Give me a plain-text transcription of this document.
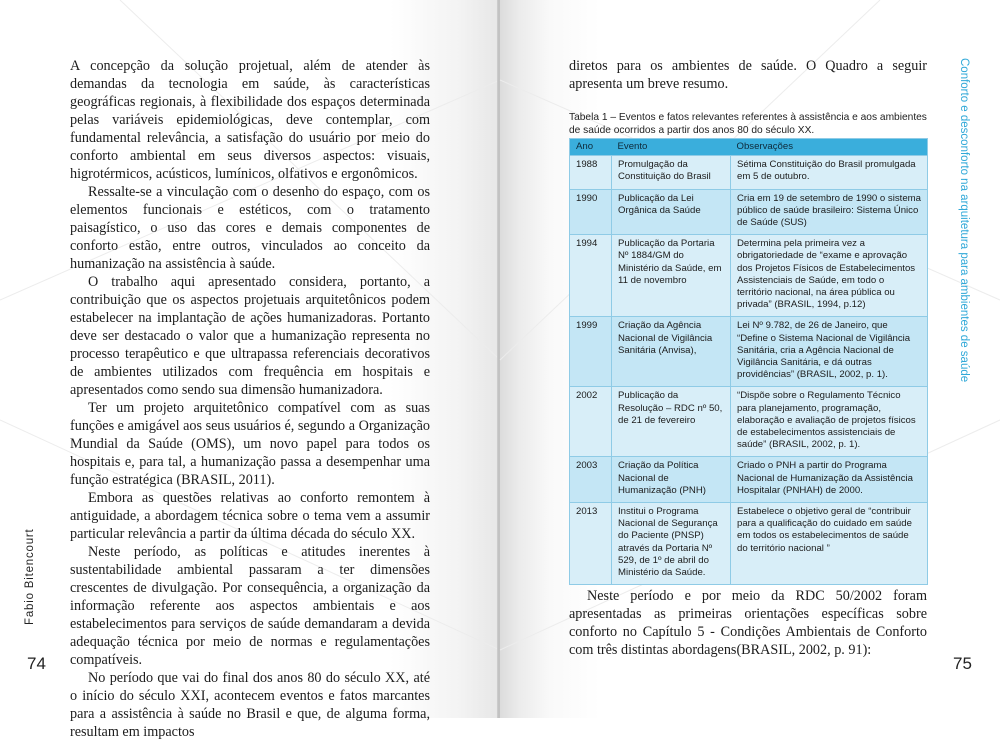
A concepção da solução projetual, além de atender às demandas da tecnologia em saúde, às características geográficas regionais, à flexibilidade dos espaços determinada pelas variáveis epidemiológicas, deve contemplar, com fundamental relevância, a satisfação do usuário por meio do conforto ambiental em seus diversos aspectos: visuais, higrotérmicos, acústicos, lumínicos, olfativos e ergonômicos.

Ressalte-se a vinculação com o desenho do espaço, com os elementos funcionais e estéticos, com o tratamento paisagístico, o uso das cores e demais componentes de conforto estão, entre outros, vinculados ao conceito da humanização na assistência à saúde.

O trabalho aqui apresentado considera, portanto, a contribuição que os aspectos projetuais arquitetônicos podem estabelecer na implantação de ações humanizadoras. Portanto deve ser destacado o valor que a humanização representa no processo terapêutico e que ultrapassa referenciais decorativos de ambientes utilizados com frequência em hospitais e apresentados como sendo sua dimensão humanizadora.

Ter um projeto arquitetônico compatível com as suas funções e amigável aos seus usuários é, segundo a Organização Mundial da Saúde (OMS), um novo papel para todos os hospitais e, para tal, a humanização passa a desempenhar uma função estratégica (BRASIL, 2011).

Embora as questões relativas ao conforto remontem à antiguidade, a abordagem técnica sobre o tema vem a assumir particular relevância a partir da última década do século XX.

Neste período, as políticas e atitudes inerentes à sustentabilidade ambiental passaram a ter dimensões crescentes de divulgação. Por consequência, a organização da informação referente aos aspectos ambientais e aos estabelecimentos para serviços de saúde demandaram a devida adequação técnica por meio de normas e regulamentações compatíveis.

No período que vai do final dos anos 80 do século XX, até o início do século XXI, acontecem eventos e fatos marcantes para a assistência à saúde no Brasil e que, de alguma forma, resultam em impactos

Fabio Bitencourt
74

diretos para os ambientes de saúde. O Quadro a seguir apresenta um breve resumo.

Tabela 1 – Eventos e fatos relevantes referentes à assistência e aos ambientes de saúde ocorridos a partir dos anos 80 do século XX.
Ano	Evento	Observações
1988	Promulgação da Constituição do Brasil	Sétima Constituição do Brasil promulgada em 5 de outubro.
1990	Publicação da Lei Orgânica da Saúde	Cria em 19 de setembro de 1990 o sistema público de saúde brasileiro: Sistema Único de Saúde (SUS)
1994	Publicação da Portaria Nº 1884/GM do Ministério da Saúde, em 11 de novembro	Determina pela primeira vez a obrigatoriedade de “exame e aprovação dos Projetos Físicos de Estabelecimentos Assistenciais de Saúde, em todo o território nacional, na área pública ou privada” (BRASIL, 1994, p.12)
1999	Criação da Agência Nacional de Vigilância Sanitária (Anvisa),	Lei Nº 9.782, de 26 de Janeiro, que “Define o Sistema Nacional de Vigilância Sanitária, cria a Agência Nacional de Vigilância Sanitária, e dá outras providências” (BRASIL, 2002, p. 1).
2002	Publicação da Resolução – RDC nº 50, de 21 de fevereiro	“Dispõe sobre o Regulamento Técnico para planejamento, programação, elaboração e avaliação de projetos físicos de estabelecimentos assistenciais de saúde” (BRASIL, 2002, p. 1).
2003	Criação da Política Nacional de Humanização (PNH)	Criado o PNH a partir do Programa Nacional de Humanização da Assistência Hospitalar (PNHAH) de 2000.
2013	Institui o Programa Nacional de Segurança do Paciente (PNSP) através da Portaria Nº 529, de 1º de abril do Ministério da Saúde.	Estabelece o objetivo geral de “contribuir para a qualificação do cuidado em saúde em todos os estabelecimentos de saúde do território nacional ”

Neste período e por meio da RDC 50/2002 foram apresentadas as primeiras orientações específicas sobre conforto no Capítulo 5 - Condições Ambientais de Conforto com três distintas abordagens(BRASIL, 2002, p. 91):

Conforto e desconforto na arquitetura para ambientes de saúde
75
